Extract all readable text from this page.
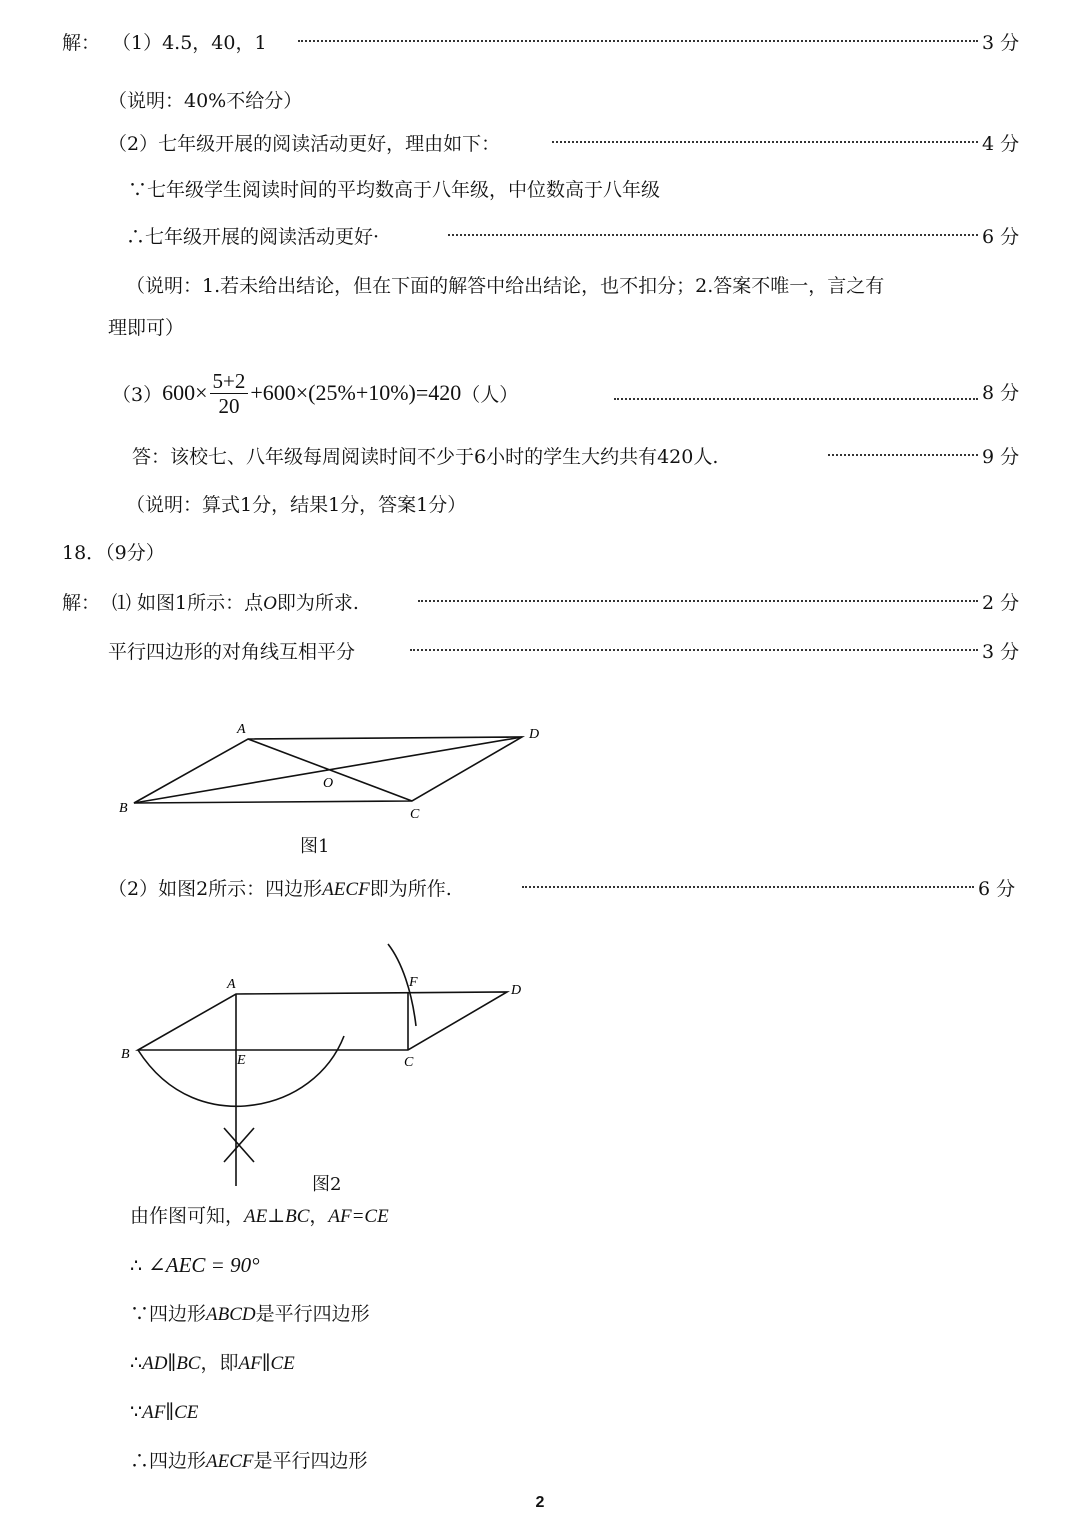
解： （1）4.5，40，1	3 分
（说明：40%不给分）
（2）七年级开展的阅读活动更好，理由如下：	4 分
∵七年级学生阅读时间的平均数高于八年级，中位数高于八年级
∴七年级开展的阅读活动更好·	6 分
（说明：1.若未给出结论，但在下面的解答中给出结论，也不扣分；2.答案不唯一，言之有
理即可）
（3） $600\times \frac{5+2}{20} +600\times(25\%+10\%)=420$ （人）	8 分
答：该校七、八年级每周阅读时间不少于6小时的学生大约共有420人.	9 分
（说明：算式1分，结果1分，答案1分）
18．（9分）
解： ⑴ 如图1所示：点O即为所求.	2 分
平行四边形的对角线互相平分	3 分
A	D
B	C
O
图1
（2）如图2所示：四边形AECF即为所作.	6 分
A	F
D
B	E	C
图2
由作图可知，AE⊥BC，AF=CE
∴ ∠AEC = 90°
∵四边形ABCD是平行四边形
∴AD∥BC，即AF∥CE
∵AF∥CE
∴四边形AECF是平行四边形
2
